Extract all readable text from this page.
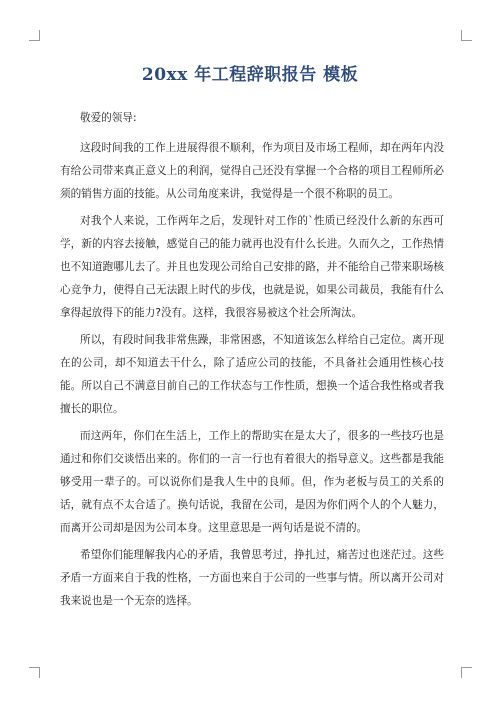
20xx 年工程辞职报告 模板

敬爱的领导:

这段时间我的工作上进展得很不顺利，作为项目及市场工程师，却在两年内没有给公司带来真正意义上的利润，觉得自己还没有掌握一个合格的项目工程师所必须的销售方面的技能。从公司角度来讲，我觉得是一个很不称职的员工。

对我个人来说，工作两年之后，发现针对工作的`性质已经没什么新的东西可学，新的内容去接触，感觉自己的能力就再也没有什么长进。久而久之，工作热情也不知道跑哪儿去了。并且也发现公司给自己安排的路，并不能给自己带来职场核心竞争力，使得自己无法跟上时代的步伐，也就是说，如果公司裁员，我能有什么拿得起放得下的能力?没有。这样，我很容易被这个社会所淘汰。

所以，有段时间我非常焦躁，非常困惑，不知道该怎么样给自己定位。离开现在的公司，却不知道去干什么，除了适应公司的技能，不具备社会通用性核心技能。所以自己不满意目前自己的工作状态与工作性质，想换一个适合我性格或者我擅长的职位。

而这两年，你们在生活上，工作上的帮助实在是太大了，很多的一些技巧也是通过和你们交谈悟出来的。你们的一言一行也有着很大的指导意义。这些都是我能够受用一辈子的。可以说你们是我人生中的良师。但，作为老板与员工的关系的话，就有点不太合适了。换句话说，我留在公司，是因为你们两个人的个人魅力，而离开公司却是因为公司本身。这里意思是一两句话是说不清的。

希望你们能理解我内心的矛盾，我曾思考过，挣扎过，痛苦过也迷茫过。这些矛盾一方面来自于我的性格，一方面也来自于公司的一些事与情。所以离开公司对我来说也是一个无奈的选择。
